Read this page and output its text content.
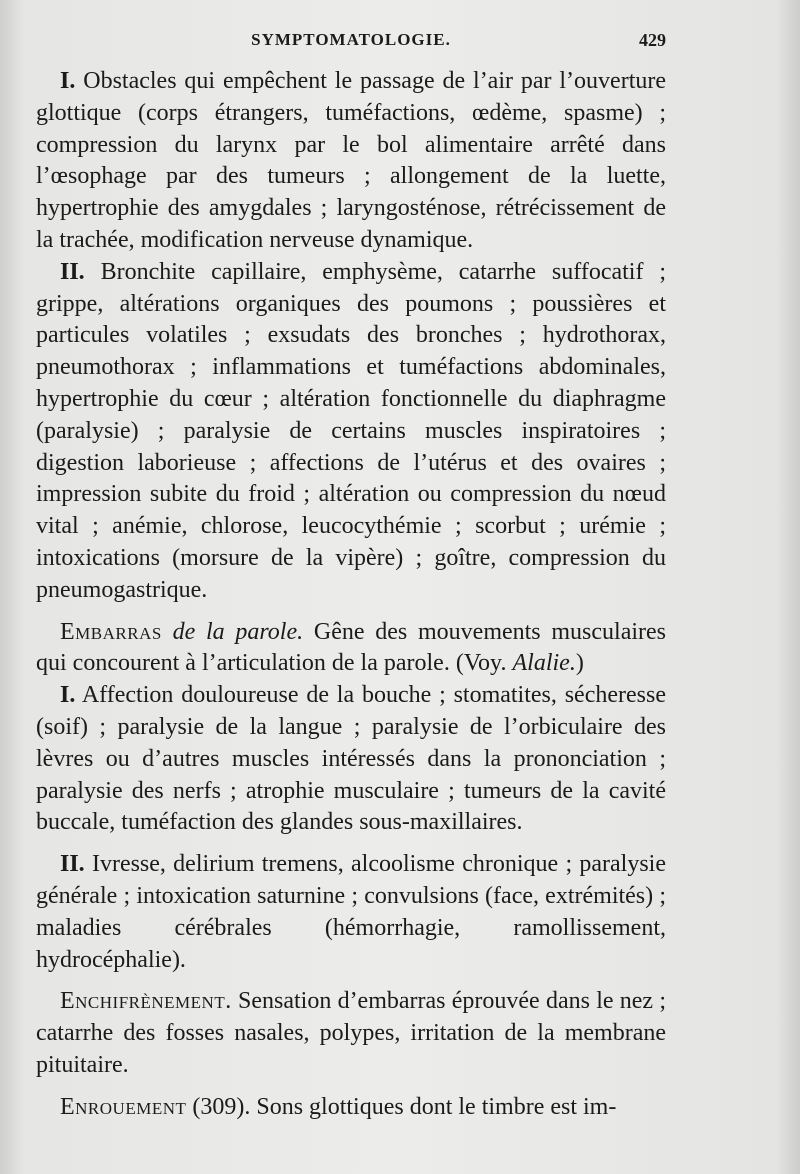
SYMPTOMATOLOGIE.	429

I. Obstacles qui empêchent le passage de l’air par l’ouverture glottique (corps étrangers, tuméfactions, œdème, spasme) ; compression du larynx par le bol alimentaire arrêté dans l’œsophage par des tumeurs ; allongement de la luette, hypertrophie des amygdales ; laryngosténose, rétrécissement de la trachée, modification nerveuse dynamique.

II. Bronchite capillaire, emphysème, catarrhe suffocatif ; grippe, altérations organiques des poumons ; poussières et particules volatiles ; exsudats des bronches ; hydrothorax, pneumothorax ; inflammations et tuméfactions abdominales, hypertrophie du cœur ; altération fonctionnelle du diaphragme (paralysie) ; paralysie de certains muscles inspiratoires ; digestion laborieuse ; affections de l’utérus et des ovaires ; impression subite du froid ; altération ou compression du nœud vital ; anémie, chlorose, leucocythémie ; scorbut ; urémie ; intoxications (morsure de la vipère) ; goître, compression du pneumogastrique.

Embarras de la parole. Gêne des mouvements musculaires qui concourent à l’articulation de la parole. (Voy. Alalie.)

I. Affection douloureuse de la bouche ; stomatites, sécheresse (soif) ; paralysie de la langue ; paralysie de l’orbiculaire des lèvres ou d’autres muscles intéressés dans la prononciation ; paralysie des nerfs ; atrophie musculaire ; tumeurs de la cavité buccale, tuméfaction des glandes sous-maxillaires.

II. Ivresse, delirium tremens, alcoolisme chronique ; paralysie générale ; intoxication saturnine ; convulsions (face, extrémités) ; maladies cérébrales (hémorrhagie, ramollissement, hydrocéphalie).

Enchifrènement. Sensation d’embarras éprouvée dans le nez ; catarrhe des fosses nasales, polypes, irritation de la membrane pituitaire.

Enrouement (309). Sons glottiques dont le timbre est im-
